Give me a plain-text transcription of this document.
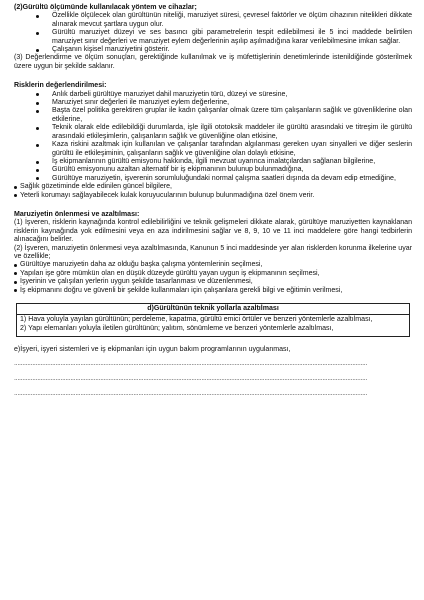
(2)Gürültü ölçümünde kullanılacak yöntem ve cihazlar;

Özellikle ölçülecek olan gürültünün niteliği, maruziyet süresi, çevresel faktörler ve ölçüm cihazının nitelikleri dikkate alınarak mevcut şartlara uygun olur.
Gürültü maruziyet düzeyi ve ses basıncı gibi parametrelerin tespit edilebilmesi ile 5 inci maddede belirtilen maruziyet sınır değerleri ve maruziyet eylem değerlerinin aşılıp aşılmadığına karar verilebilmesine imkan sağlar.
Çalışanın kişisel maruziyetini gösterir.

(3) Değerlendirme ve ölçüm sonuçları, gerektiğinde kullanılmak ve iş müfettişlerinin denetimlerinde istenildiğinde gösterilmek üzere uygun bir şekilde saklanır.

Risklerin değerlendirilmesi:

Anlık darbeli gürültüye maruziyet dahil maruziyetin türü, düzeyi ve süresine,
Maruziyet sınır değerleri ile maruziyet eylem değerlerine,
Başta özel politika gerektiren gruplar ile kadın çalışanlar olmak üzere tüm çalışanların sağlık ve güvenliklerine olan etkilerine,
Teknik olarak elde edilebildiği durumlarda, işle ilgili ototoksik maddeler ile gürültü arasındaki ve titreşim ile gürültü arasındaki etkileşimlerin, çalışanların sağlık ve güvenliğine olan etkisine,
Kaza riskini azaltmak için kullanılan ve çalışanlar tarafından algılanması gereken uyarı sinyalleri ve diğer seslerin gürültü ile etkileşiminin, çalışanların sağlık ve güvenliğine olan dolaylı etkisine,
İş ekipmanlarının gürültü emisyonu hakkında, ilgili mevzuat uyarınca imalatçılardan sağlanan bilgilerine,
Gürültü emisyonunu azaltan alternatif bir iş ekipmanının bulunup bulunmadığına,
Gürültüye maruziyetin, işverenin sorumluluğundaki normal çalışma saatleri dışında da devam edip etmediğine,
Sağlık gözetiminde elde edinilen güncel bilgilere,
Yeterli korumayı sağlayabilecek kulak koruyucularının bulunup bulunmadığına özel önem verir.

Maruziyetin önlenmesi ve azaltılması:

(1) İşveren, risklerin kaynağında kontrol edilebilirliğini ve teknik gelişmeleri dikkate alarak, gürültüye maruziyetten kaynaklanan risklerin kaynağında yok edilmesini veya en aza indirilmesini sağlar ve 8, 9, 10 ve 11 inci maddelere göre hangi tedbirlerin alınacağını belirler.

(2) İşveren, maruziyetin önlenmesi veya azaltılmasında, Kanunun 5 inci maddesinde yer alan risklerden korunma ilkelerine uyar ve özellikle;

Gürültüye maruziyetin daha az olduğu başka çalışma yöntemlerinin seçilmesi,
Yapılan işe göre mümkün olan en düşük düzeyde gürültü yayan uygun iş ekipmanının seçilmesi,
İşyerinin ve çalışılan yerlerin uygun şekilde tasarlanması ve düzenlenmesi,
İş ekipmanını doğru ve güvenli bir şekilde kullanmaları için çalışanlara gerekli bilgi ve eğitimin verilmesi,
d)Gürültünün teknik yollarla azaltılması

1) Hava yoluyla yayılan gürültünün; perdeleme, kapatma, gürültü emici örtüler ve benzeri yöntemlerle azaltılması,

2) Yapı elemanları yoluyla iletilen gürültünün; yalıtım, sönümleme ve benzeri yöntemlerle azaltılması,

e)İşyeri, işyeri sistemleri ve iş ekipmanları için uygun bakım programlarının uygulanması,

.....................................................................................................................................................................................................................
.....................................................................................................................................................................................................................
.....................................................................................................................................................................................................................
